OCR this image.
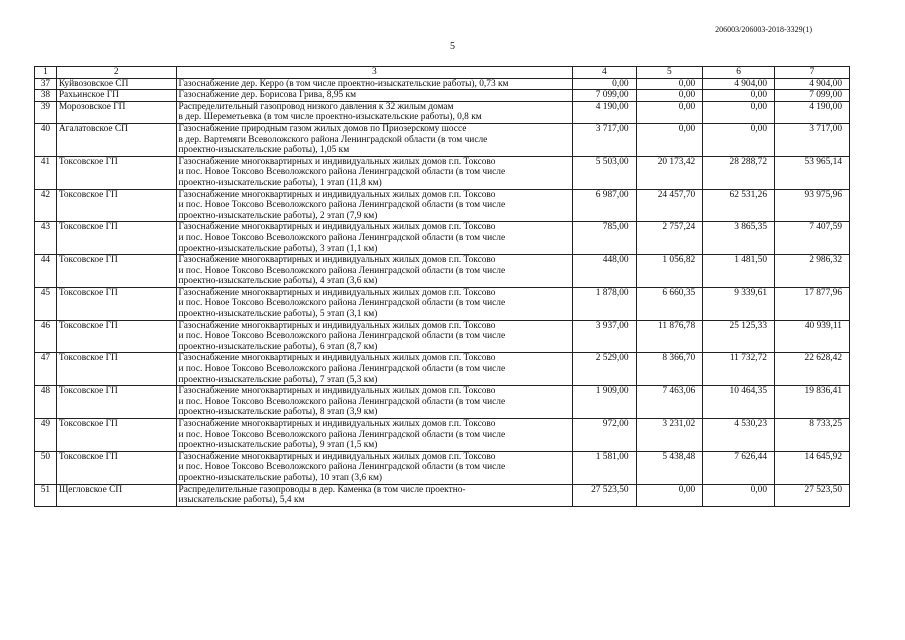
206003/206003-2018-3329(1)
5
1	2	3	4	5	6	7
37	Куйвозовское СП	Газоснабжение дер. Керро (в том числе проектно-изыскательские работы), 0,73 км	0,00	0,00	4 904,00	4 904,00
38	Рахьинское ГП	Газоснабжение дер. Борисова Грива, 8,95 км	7 099,00	0,00	0,00	7 099,00
39	Морозовское ГП	Распределительный газопровод низкого давления к 32 жилым домам
в дер. Шереметьевка (в том числе проектно-изыскательские работы), 0,8 км	4 190,00	0,00	0,00	4 190,00
40	Агалатовское СП	Газоснабжение природным газом жилых домов по Приозерскому шоссе
в дер. Вартемяги Всеволожского района Ленинградской области (в том числе
проектно-изыскательские работы), 1,05 км	3 717,00	0,00	0,00	3 717,00
41	Токсовское ГП	Газоснабжение многоквартирных и индивидуальных жилых домов г.п. Токсово
и пос. Новое Токсово Всеволожского района Ленинградской области (в том числе
проектно-изыскательские работы), 1 этап (11,8 км)	5 503,00	20 173,42	28 288,72	53 965,14
42	Токсовское ГП	Газоснабжение многоквартирных и индивидуальных жилых домов г.п. Токсово
и пос. Новое Токсово Всеволожского района Ленинградской области (в том числе
проектно-изыскательские работы), 2 этап (7,9 км)	6 987,00	24 457,70	62 531,26	93 975,96
43	Токсовское ГП	Газоснабжение многоквартирных и индивидуальных жилых домов г.п. Токсово
и пос. Новое Токсово Всеволожского района Ленинградской области (в том числе
проектно-изыскательские работы), 3 этап (1,1 км)	785,00	2 757,24	3 865,35	7 407,59
44	Токсовское ГП	Газоснабжение многоквартирных и индивидуальных жилых домов г.п. Токсово
и пос. Новое Токсово Всеволожского района Ленинградской области (в том числе
проектно-изыскательские работы), 4 этап (3,6 км)	448,00	1 056,82	1 481,50	2 986,32
45	Токсовское ГП	Газоснабжение многоквартирных и индивидуальных жилых домов г.п. Токсово
и пос. Новое Токсово Всеволожского района Ленинградской области (в том числе
проектно-изыскательские работы), 5 этап (3,1 км)	1 878,00	6 660,35	9 339,61	17 877,96
46	Токсовское ГП	Газоснабжение многоквартирных и индивидуальных жилых домов г.п. Токсово
и пос. Новое Токсово Всеволожского района Ленинградской области (в том числе
проектно-изыскательские работы), 6 этап (8,7 км)	3 937,00	11 876,78	25 125,33	40 939,11
47	Токсовское ГП	Газоснабжение многоквартирных и индивидуальных жилых домов г.п. Токсово
и пос. Новое Токсово Всеволожского района Ленинградской области (в том числе
проектно-изыскательские работы), 7 этап (5,3 км)	2 529,00	8 366,70	11 732,72	22 628,42
48	Токсовское ГП	Газоснабжение многоквартирных и индивидуальных жилых домов г.п. Токсово
и пос. Новое Токсово Всеволожского района Ленинградской области (в том числе
проектно-изыскательские работы), 8 этап (3,9 км)	1 909,00	7 463,06	10 464,35	19 836,41
49	Токсовское ГП	Газоснабжение многоквартирных и индивидуальных жилых домов г.п. Токсово
и пос. Новое Токсово Всеволожского района Ленинградской области (в том числе
проектно-изыскательские работы), 9 этап (1,5 км)	972,00	3 231,02	4 530,23	8 733,25
50	Токсовское ГП	Газоснабжение многоквартирных и индивидуальных жилых домов г.п. Токсово
и пос. Новое Токсово Всеволожского района Ленинградской области (в том числе
проектно-изыскательские работы), 10 этап (3,6 км)	1 581,00	5 438,48	7 626,44	14 645,92
51	Щегловское СП	Распределительные газопроводы в дер. Каменка (в том числе проектно-
изыскательские работы), 5,4 км	27 523,50	0,00	0,00	27 523,50
